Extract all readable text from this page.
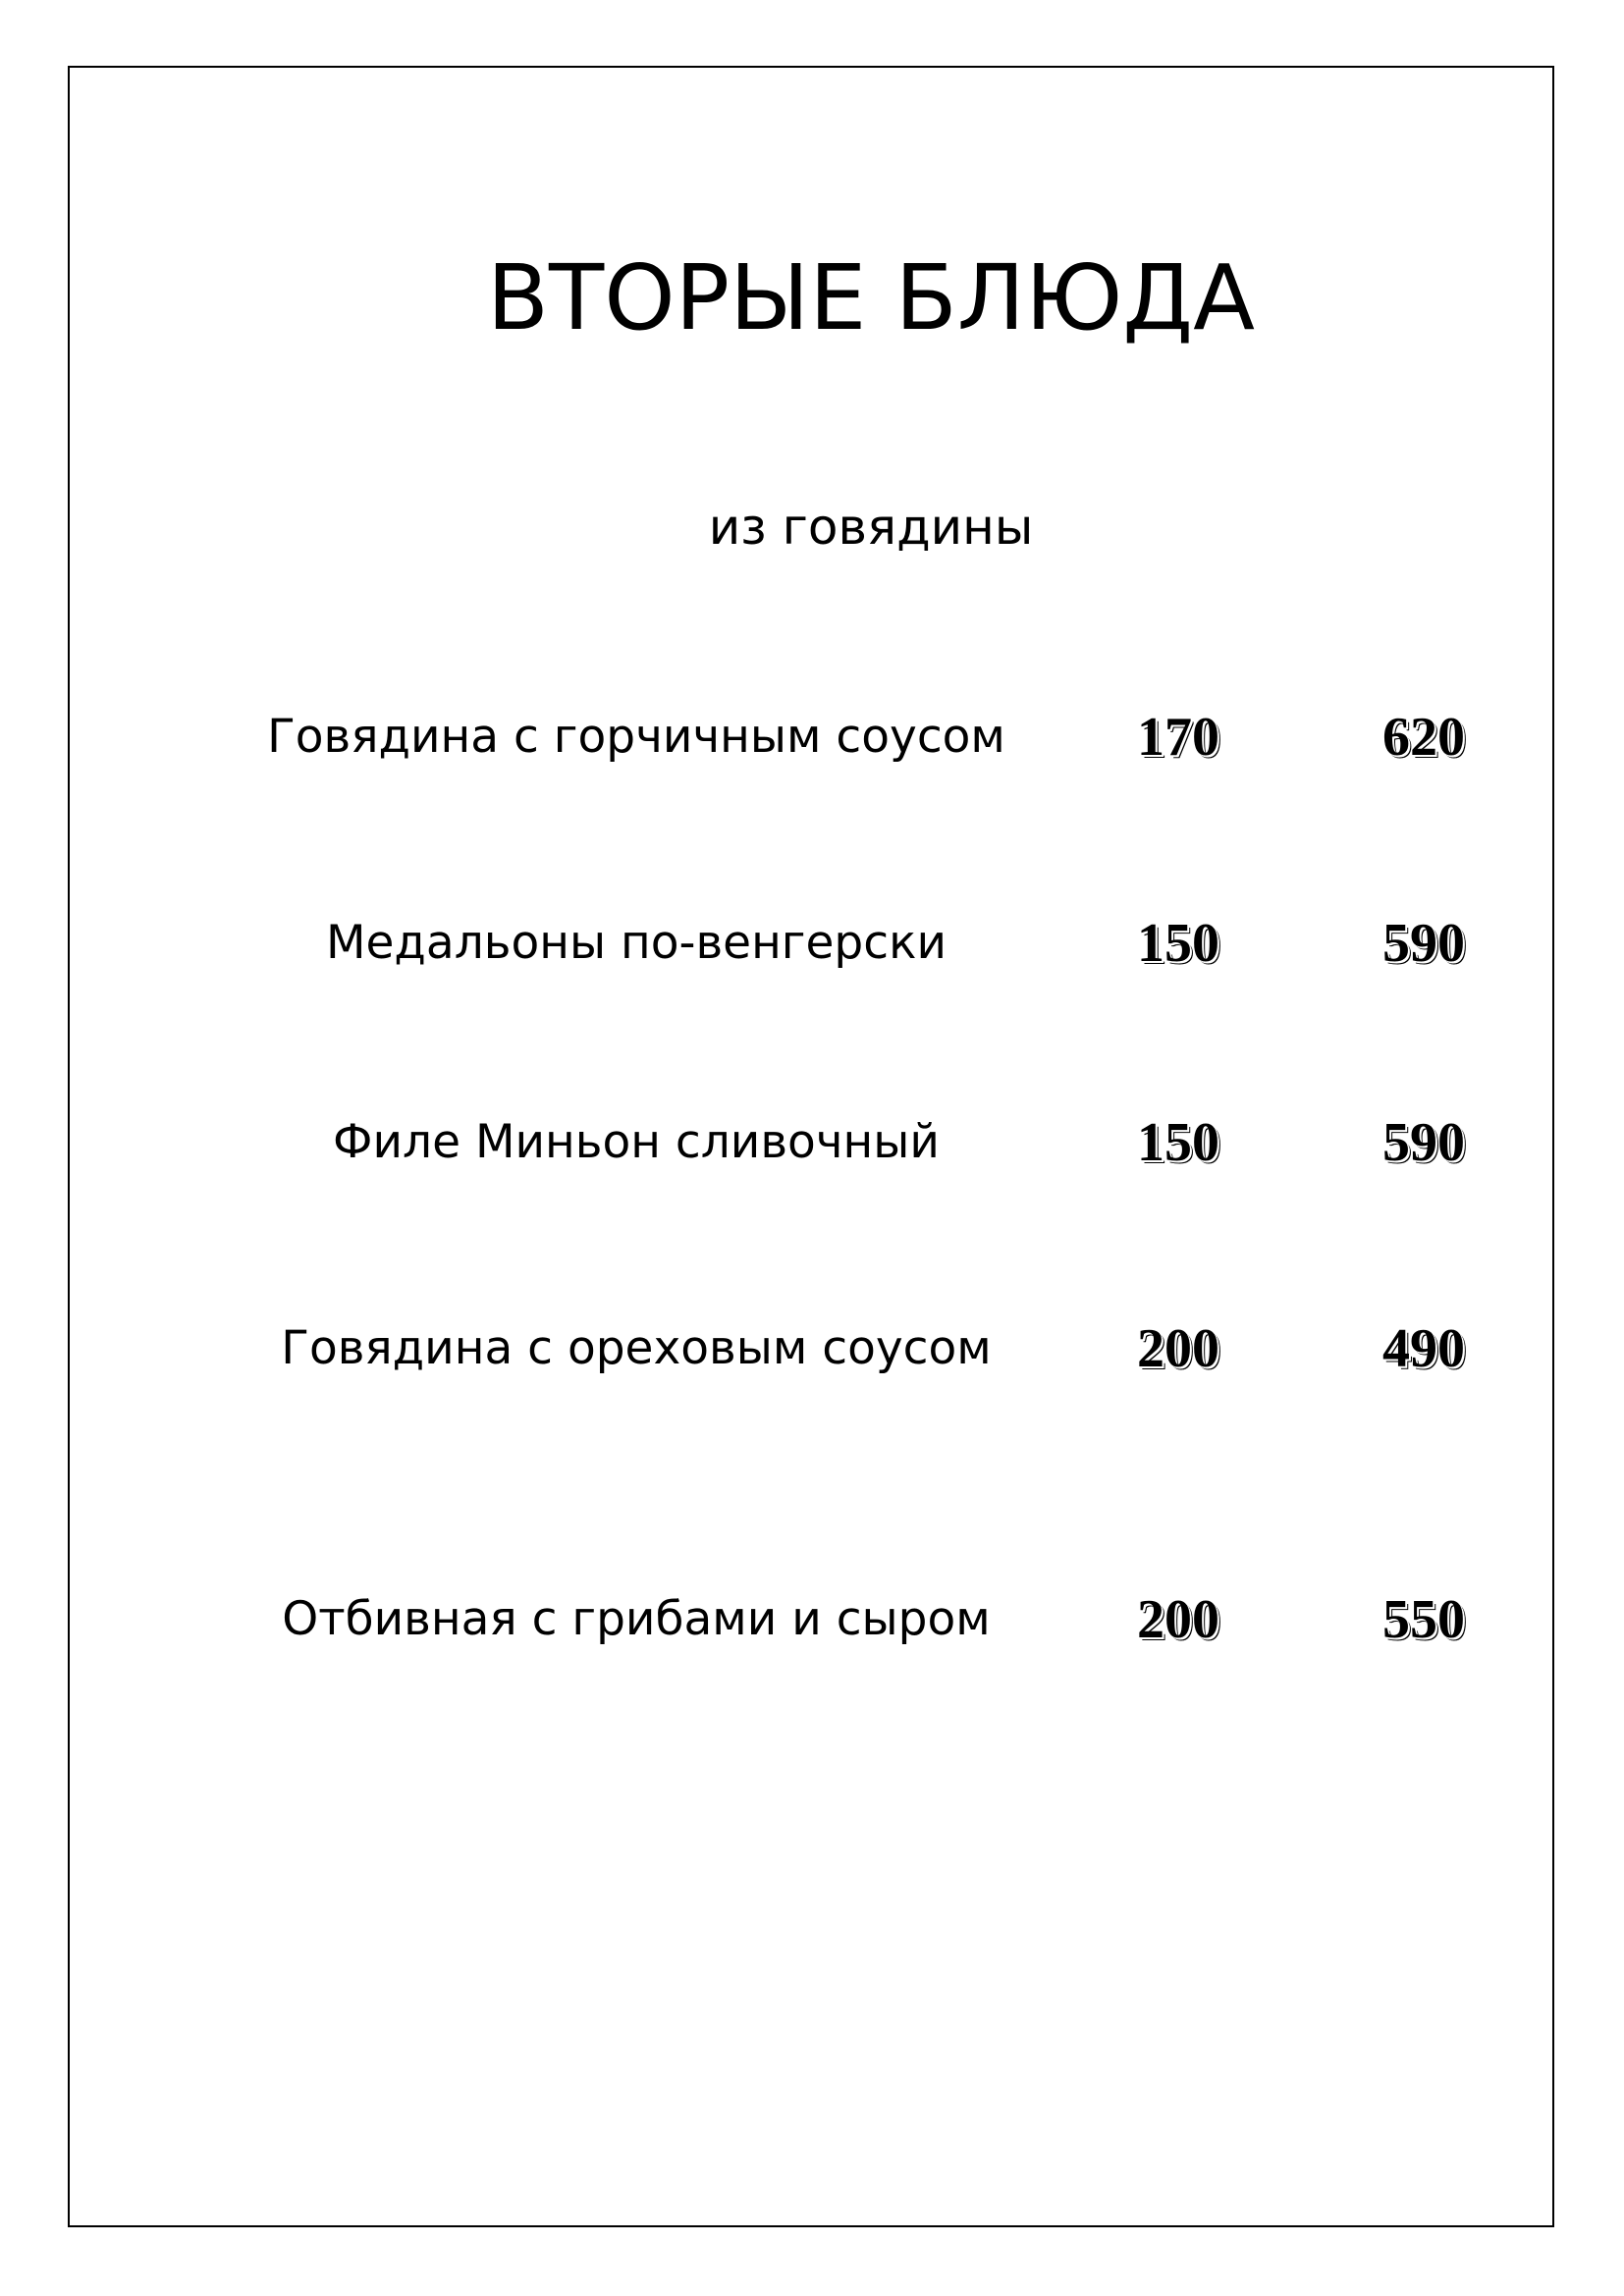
ВТОРЫЕ БЛЮДА
из говядины
Говядина с горчичным соусом	170	620
Медальоны по-венгерски	150	590
Филе Миньон сливочный	150	590
Говядина с ореховым соусом	200	490
Отбивная с грибами и сыром	200	550
